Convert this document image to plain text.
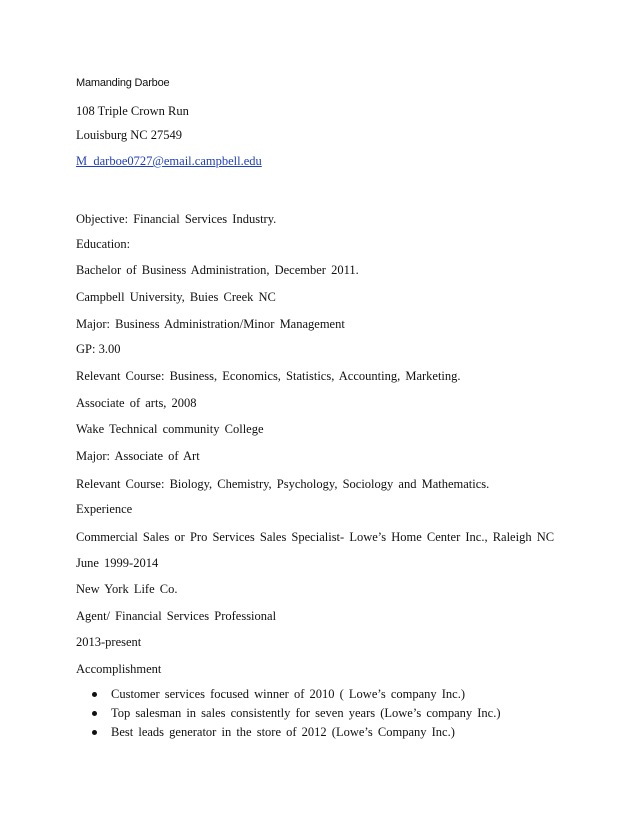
Mamanding Darboe
108 Triple Crown Run
Louisburg NC 27549
M_darboe0727@email.campbell.edu
Objective: Financial Services Industry.
Education:
Bachelor of Business Administration, December 2011.
Campbell University, Buies Creek NC
Major: Business Administration/Minor Management
GP: 3.00
Relevant Course: Business, Economics, Statistics, Accounting, Marketing.
Associate of arts, 2008
Wake Technical community College
Major: Associate of Art
Relevant Course: Biology, Chemistry, Psychology, Sociology and Mathematics.
Experience
Commercial Sales or Pro Services Sales Specialist- Lowe’s Home Center Inc., Raleigh NC
June 1999-2014
New York Life Co.
Agent/ Financial Services Professional
2013-present
Accomplishment
Customer services focused winner of 2010 ( Lowe’s company Inc.)
Top salesman in sales consistently for seven years (Lowe’s company Inc.)
Best leads generator in the store of 2012 (Lowe’s Company Inc.)
